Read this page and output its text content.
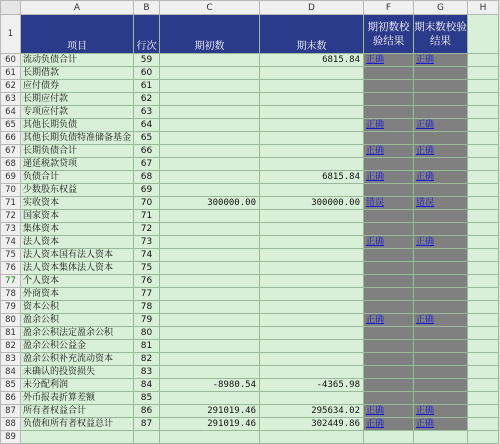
	A	B	C	D	F	G	H
1	项目	行次	期初数	期末数	期初数校验结果	期末数校验结果	
60	流动负债合计	59		6815.84	正确	正确	
61	长期借款	60					
62	应付债券	61					
63	长期应付款	62					
64	专项应付款	63					
65	其他长期负债	64			正确	正确	
66	其他长期负债特准储备基金	65					
67	长期负债合计	66			正确	正确	
68	递延税款贷项	67					
69	负债合计	68		6815.84	正确	正确	
70	少数股东权益	69					
71	实收资本	70	300000.00	300000.00	错误	错误	
72	国家资本	71					
73	集体资本	72					
74	法人资本	73			正确	正确	
75	法人资本国有法人资本	74					
76	法人资本集体法人资本	75					
77	个人资本	76					
78	外商资本	77					
79	资本公积	78					
80	盈余公积	79			正确	正确	
81	盈余公积法定盈余公积	80					
82	盈余公积公益金	81					
83	盈余公积补充流动资本	82					
84	未确认的投资损失	83					
85	未分配利润	84	-8980.54	-4365.98			
86	外币报表折算差额	85					
87	所有者权益合计	86	291019.46	295634.02	正确	正确	
88	负债和所有者权益总计	87	291019.46	302449.86	正确	正确	
89							
